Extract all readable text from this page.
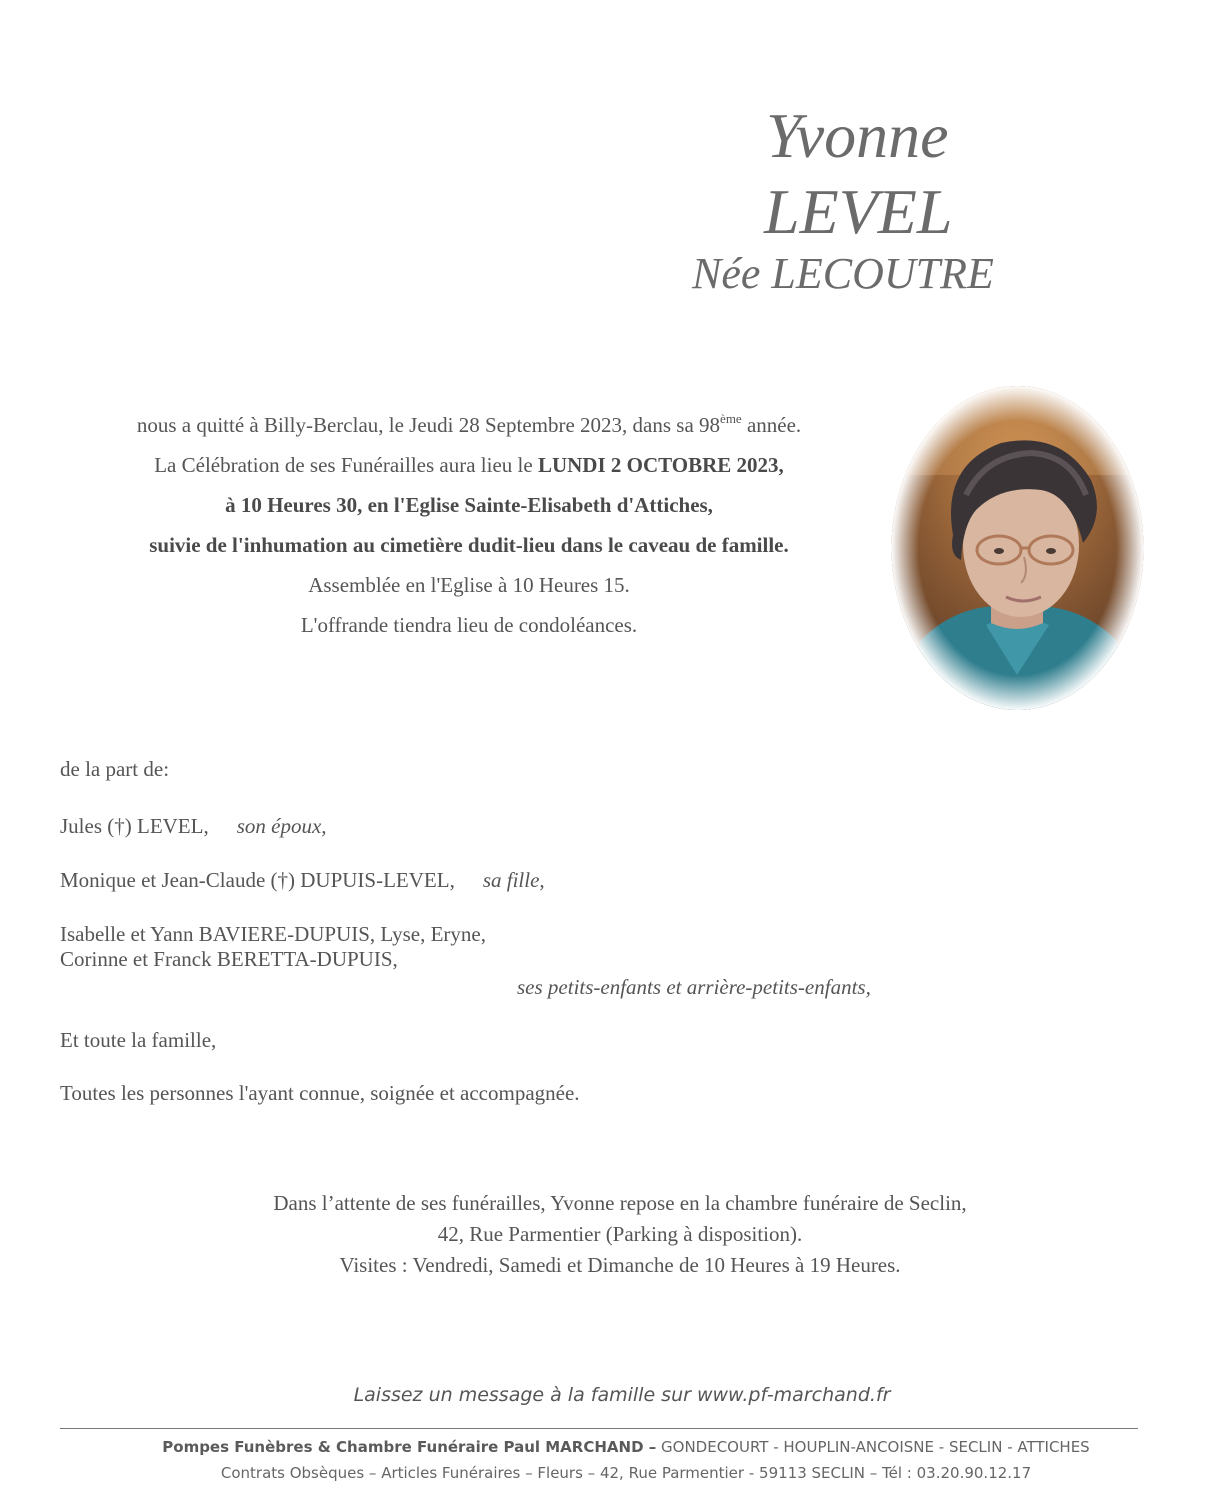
Yvonne
LEVEL
Née LECOUTRE

nous a quitté à Billy-Berclau, le Jeudi 28 Septembre 2023, dans sa 98ème année.

La Célébration de ses Funérailles aura lieu le LUNDI 2 OCTOBRE 2023,

à 10 Heures 30, en l'Eglise Sainte-Elisabeth d'Attiches,

suivie de l'inhumation au cimetière dudit-lieu dans le caveau de famille.

Assemblée en l'Eglise à 10 Heures 15.

L'offrande tiendra lieu de condoléances.

de la part de:
Jules (†) LEVEL, son époux,
Monique et Jean-Claude (†) DUPUIS-LEVEL, sa fille,
Isabelle et Yann BAVIERE-DUPUIS, Lyse, Eryne,
Corinne et Franck BERETTA-DUPUIS,
ses petits-enfants et arrière-petits-enfants,
Et toute la famille,
Toutes les personnes l'ayant connue, soignée et accompagnée.

Dans l’attente de ses funérailles, Yvonne repose en la chambre funéraire de Seclin,

42, Rue Parmentier (Parking à disposition).

Visites : Vendredi, Samedi et Dimanche de 10 Heures à 19 Heures.

Laissez un message à la famille sur www.pf-marchand.fr
Pompes Funèbres & Chambre Funéraire Paul MARCHAND – GONDECOURT - HOUPLIN-ANCOISNE - SECLIN - ATTICHES
Contrats Obsèques – Articles Funéraires – Fleurs – 42, Rue Parmentier - 59113 SECLIN – Tél : 03.20.90.12.17
